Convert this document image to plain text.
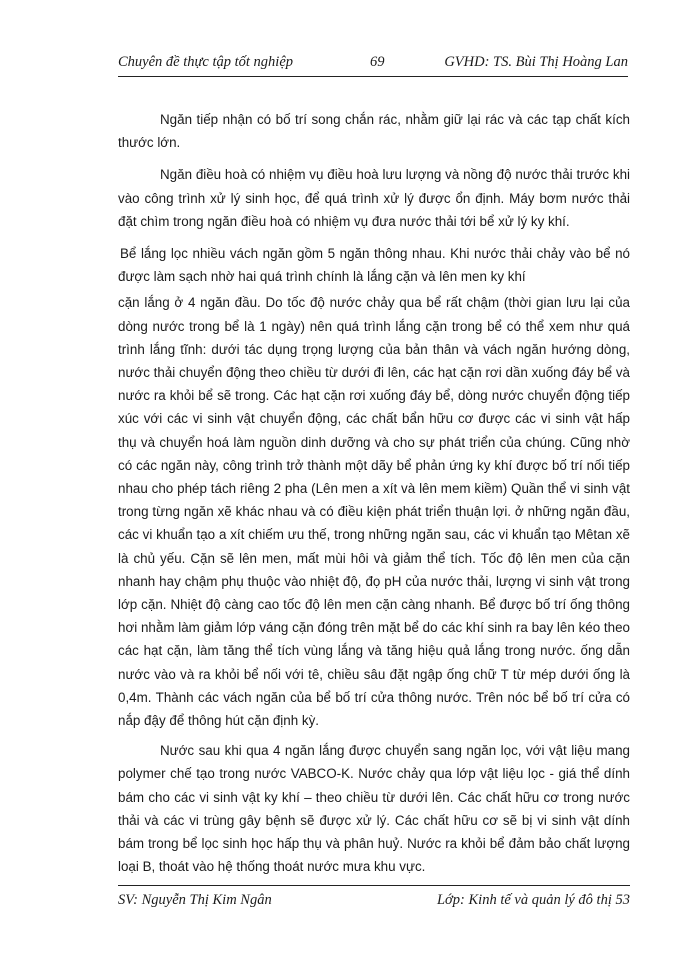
Chuyên đề thực tập tốt nghiệp	69	GVHD: TS. Bùi Thị Hoàng Lan

Ngăn tiếp nhận có bố trí song chắn rác, nhằm giữ lại rác và các tạp chất kích thước lớn.

Ngăn điều hoà có nhiệm vụ điều hoà lưu lượng và nồng độ nước thải trước khi vào công trình xử lý sinh học, để quá trình xử lý được ổn định. Máy bơm nước thải đặt chìm trong ngăn điều hoà có nhiệm vụ đưa nước thải tới bể xử lý ky khí.

Bể lắng lọc nhiều vách ngăn gồm 5 ngăn thông nhau. Khi nước thải chảy vào bể nó được làm sạch nhờ hai quá trình chính là lắng cặn và lên men ky khí

cặn lắng ở 4 ngăn đầu. Do tốc độ nước chảy qua bể rất chậm (thời gian lưu lại của dòng nước trong bể là 1 ngày) nên quá trình lắng cặn trong bể có thể xem như quá trình lắng tĩnh: dưới tác dụng trọng lượng của bản thân và vách ngăn hướng dòng, nước thải chuyển động theo chiều từ dưới đi lên, các hạt cặn rơi dần xuống đáy bể và nước ra khỏi bể sẽ trong. Các hạt cặn rơi xuống đáy bể, dòng nước chuyển động tiếp xúc với các vi sinh vật chuyển động, các chất bẩn hữu cơ được các vi sinh vật hấp thụ và chuyển hoá làm nguồn dinh dưỡng và cho sự phát triển của chúng. Cũng nhờ có các ngăn này, công trình trở thành một dãy bể phản ứng ky khí được bố trí nối tiếp nhau cho phép tách riêng 2 pha (Lên men a xít và lên mem kiềm) Quần thể vi sinh vật trong từng ngăn xẽ khác nhau và có điều kiện phát triển thuận lợi. ở những ngăn đầu, các vi khuẩn tạo a xít chiếm ưu thế, trong những ngăn sau, các vi khuẩn tạo Mêtan xẽ là chủ yếu. Cặn sẽ lên men, mất mùi hôi và giảm thể tích. Tốc độ lên men của cặn nhanh hay chậm phụ thuộc vào nhiệt độ, đọ pH của nước thải, lượng vi sinh vật trong lớp cặn. Nhiệt độ càng cao tốc độ lên men cặn càng nhanh. Bể được bố trí ống thông hơi nhằm làm giảm lớp váng cặn đóng trên mặt bể do các khí sinh ra bay lên kéo theo các hạt cặn, làm tăng thể tích vùng lắng và tăng hiệu quả lắng trong nước. ống dẫn nước vào và ra khỏi bể nối với tê, chiều sâu đặt ngập ống chữ T từ mép dưới ống là 0,4m. Thành các vách ngăn của bể bố trí cửa thông nước. Trên nóc bể bố trí cửa có nắp đậy để thông hút cặn định kỳ.

Nước sau khi qua 4 ngăn lắng được chuyển sang ngăn lọc, với vật liệu mang polymer chế tạo trong nước VABCO-K. Nước chảy qua lớp vật liệu lọc - giá thể dính bám cho các vi sinh vật ky khí – theo chiều từ dưới lên. Các chất hữu cơ trong nước thải và các vi trùng gây bệnh sẽ được xử lý. Các chất hữu cơ sẽ bị vi sinh vật dính bám trong bể lọc sinh học hấp thụ và phân huỷ. Nước ra khỏi bể đảm bảo chất lượng loại B, thoát vào hệ thống thoát nước mưa khu vực.

SV: Nguyễn Thị Kim Ngân	Lớp: Kinh tế và quản lý đô thị 53
